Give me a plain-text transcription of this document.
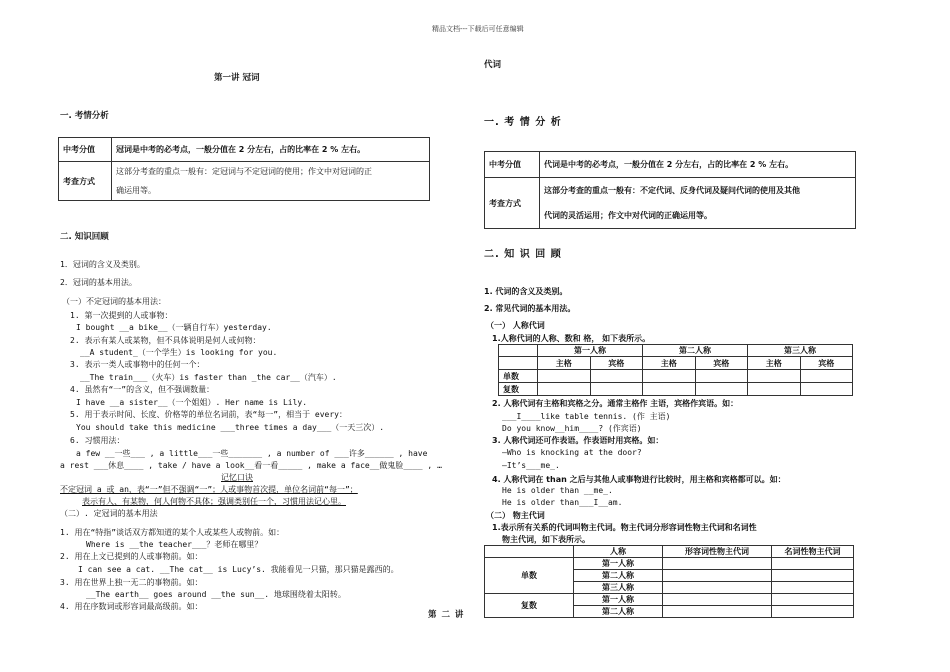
精品文档---下载后可任意编辑
第一讲 冠词
一. 考情分析
中考分值	冠词是中考的必考点，一般分值在 2 分左右，占的比率在 2 % 左右。
考查方式	这部分考查的重点一般有：定冠词与不定冠词的使用；作文中对冠词的正
确运用等。
二. 知识回顾
1．冠词的含义及类别。
2．冠词的基本用法。
（一）不定冠词的基本用法：
1. 第一次提到的人或事物：
I bought __a bike__（一辆自行车）yesterday.
2. 表示有某人或某物，但不具体说明是何人或何物：
__A student_（一个学生）is looking for you.
3. 表示一类人或事物中的任何一个：
__The train___（火车）is faster than _the car__（汽车）.
4. 虽然有“一”的含义，但不强调数量：
I have __a sister__（一个姐姐）. Her name is Lily.
5. 用于表示时间、长度、价格等的单位名词前，表“每一”，相当于 every：
You should take this medicine ___three times a day___（一天三次）.
6. 习惯用法：
a few __一些___ , a little___一些_______ , a number of ___许多______ , have
a rest ___休息____ , take / have a look__看一看_____ , make a face__做鬼脸____ , …
记忆口诀
不定冠词 a 或 an，表“一”但不强调“一”；人或事物首次提，单位名词前“每一”；
表示有人、有某物，何人何物不具体；强调类别任一个，习惯用法记心里。
（二）. 定冠词的基本用法
1. 用在“特指”谈话双方都知道的某个人或某些人或物前。如：
Where is __the teacher___？老师在哪里？
2. 用在上文已提到的人或事物前。如：
I can see a cat. __The cat__ is Lucy’s. 我能看见一只猫，那只猫是露西的。
3. 用在世界上独一无二的事物前。如：
__The earth__ goes around __the sun__. 地球围绕着太阳转。
4. 用在序数词或形容词最高级前。如：
代词
一. 考 情 分 析
中考分值	代词是中考的必考点，一般分值在 2 分左右，占的比率在 2 % 左右。
考查方式	这部分考查的重点一般有：不定代词、反身代词及疑问代词的使用及其他
代词的灵活运用；作文中对代词的正确运用等。
二. 知 识 回 顾
1. 代词的含义及类别。
2. 常见代词的基本用法。
（一） 人称代词
1.人称代词的人称、数和 格， 如下表所示。
	第一人称		第二人称		第三人称	
	主格	宾格	主格	宾格	主格	宾格
单数						
复数						
2. 人称代词有主格和宾格之分。通常主格作 主语，宾格作宾语。如：
___I____like table tennis. (作 主语)
Do you know__him____? (作宾语)
3. 人称代词还可作表语。作表语时用宾格。如：
—Who is knocking at the door?
—It’s___me_.
4. 人称代词在 than 之后与其他人或事物进行比较时，用主格和宾格都可以。如：
He is older than __me_.
He is older than___I__am.
（二） 物主代词
1.表示所有关系的代词叫物主代词。物主代词分形容词性物主代词和名词性
物主代词，如下表所示。
	人称	形容词性物主代词	名词性物主代词
单数	第一人称		
	第二人称		
	第三人称		
复数	第一人称		
	第二人称		
第 二 讲
